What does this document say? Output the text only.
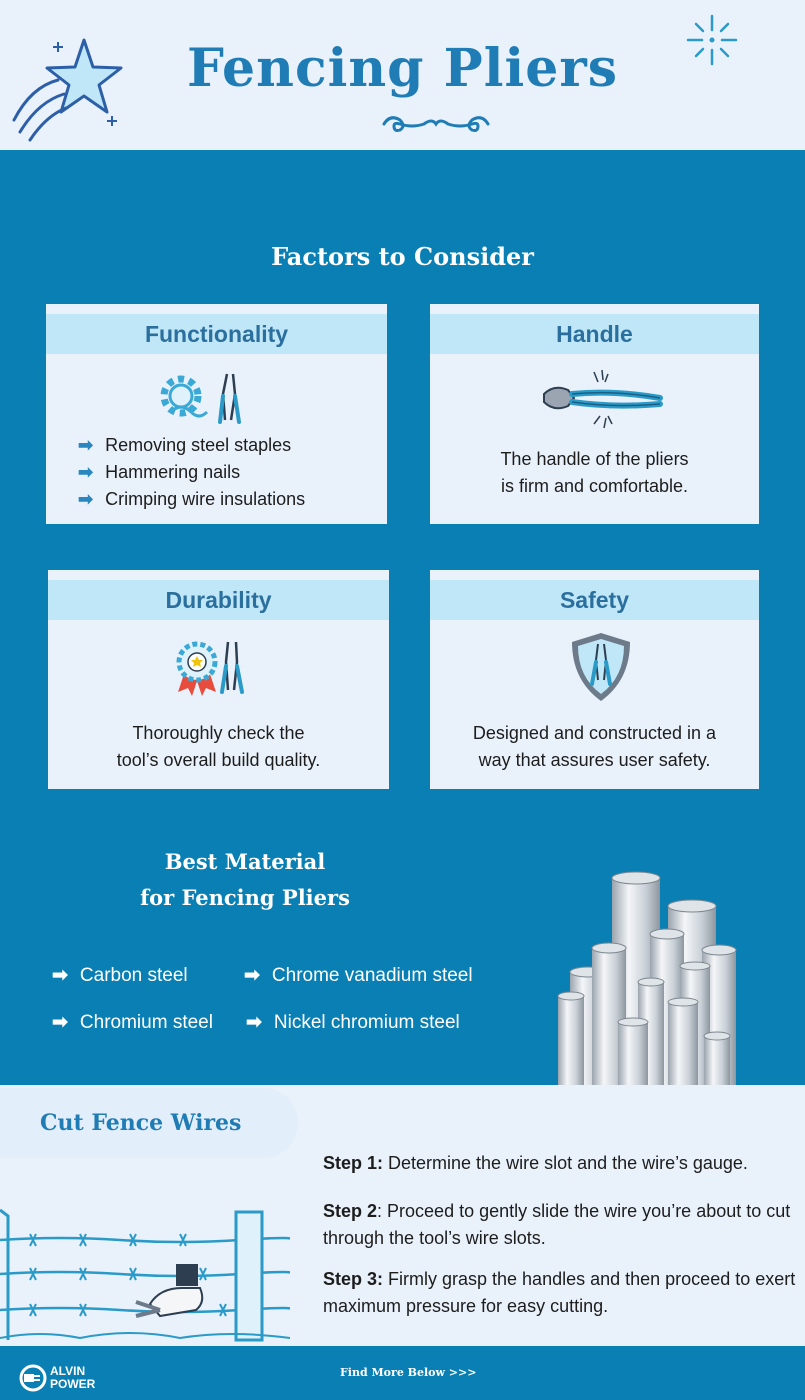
Fencing Pliers
Factors to Consider
Functionality
➡ Removing steel staples
➡ Hammering nails
➡ Crimping wire insulations
Handle
The handle of the pliers
is firm and comfortable.
Durability
Thoroughly check the
tool’s overall build quality.
Safety
Designed and constructed in a
way that assures user safety.
Best Material
for Fencing Pliers
➡ Carbon steel	➡ Chrome vanadium steel
➡ Chromium steel ➡ Nickel chromium steel
Cut Fence Wires
Step 1: Determine the wire slot and the wire’s gauge.
Step 2: Proceed to gently slide the wire you’re about to cut through the tool’s wire slots.
Step 3: Firmly grasp the handles and then proceed to exert maximum pressure for easy cutting.
ALVIN
POWER
Find More Below >>>
